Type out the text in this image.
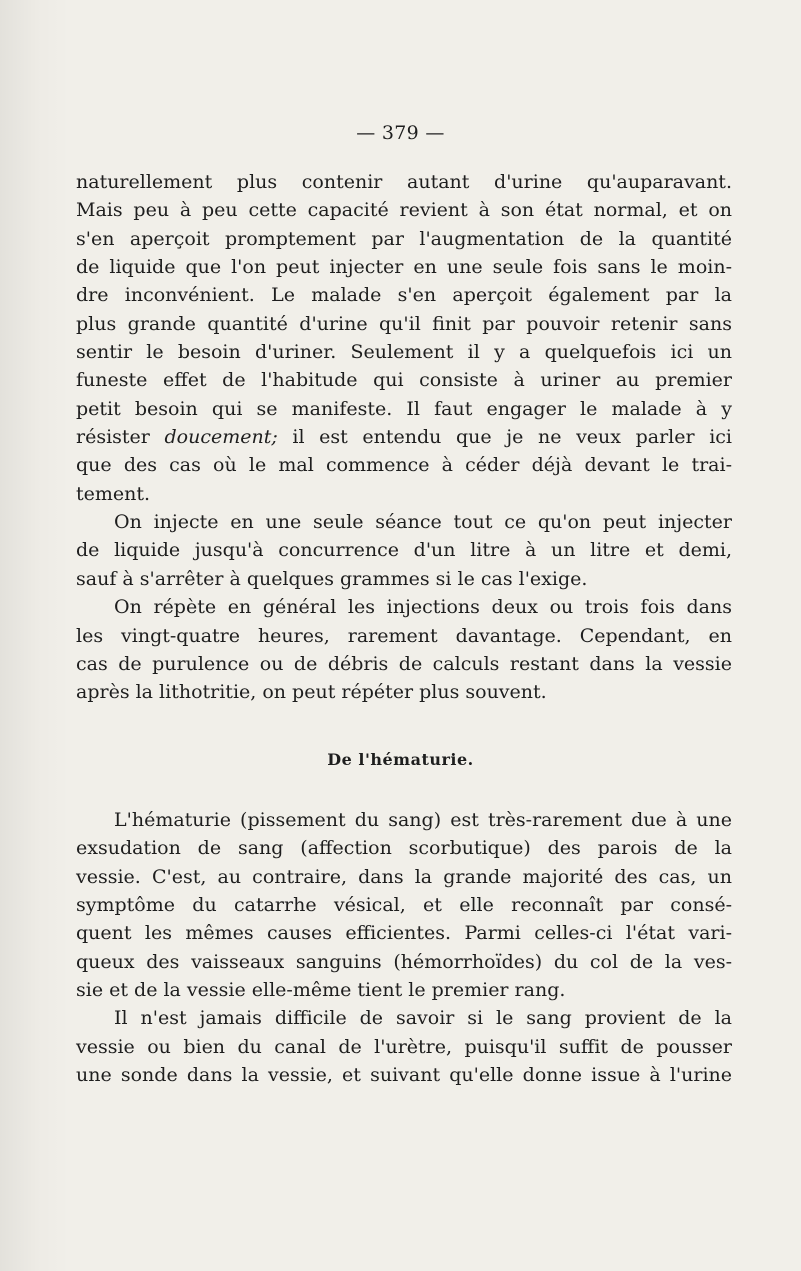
— 379 —

naturellement plus contenir autant d'urine qu'auparavant.
Mais peu à peu cette capacité revient à son état normal, et on
s'en aperçoit promptement par l'augmentation de la quantité
de liquide que l'on peut injecter en une seule fois sans le moin-
dre inconvénient. Le malade s'en aperçoit également par la
plus grande quantité d'urine qu'il finit par pouvoir retenir sans
sentir le besoin d'uriner. Seulement il y a quelquefois ici un
funeste effet de l'habitude qui consiste à uriner au premier
petit besoin qui se manifeste. Il faut engager le malade à y
résister doucement; il est entendu que je ne veux parler ici
que des cas où le mal commence à céder déjà devant le trai-
tement.

On injecte en une seule séance tout ce qu'on peut injecter
de liquide jusqu'à concurrence d'un litre à un litre et demi,
sauf à s'arrêter à quelques grammes si le cas l'exige.

On répète en général les injections deux ou trois fois dans
les vingt-quatre heures, rarement davantage. Cependant, en
cas de purulence ou de débris de calculs restant dans la vessie
après la lithotritie, on peut répéter plus souvent.

De l'hématurie.

L'hématurie (pissement du sang) est très-rarement due à une
exsudation de sang (affection scorbutique) des parois de la
vessie. C'est, au contraire, dans la grande majorité des cas, un
symptôme du catarrhe vésical, et elle reconnaît par consé-
quent les mêmes causes efficientes. Parmi celles-ci l'état vari-
queux des vaisseaux sanguins (hémorrhoïdes) du col de la ves-
sie et de la vessie elle-même tient le premier rang.

Il n'est jamais difficile de savoir si le sang provient de la
vessie ou bien du canal de l'urètre, puisqu'il suffit de pousser
une sonde dans la vessie, et suivant qu'elle donne issue à l'urine
